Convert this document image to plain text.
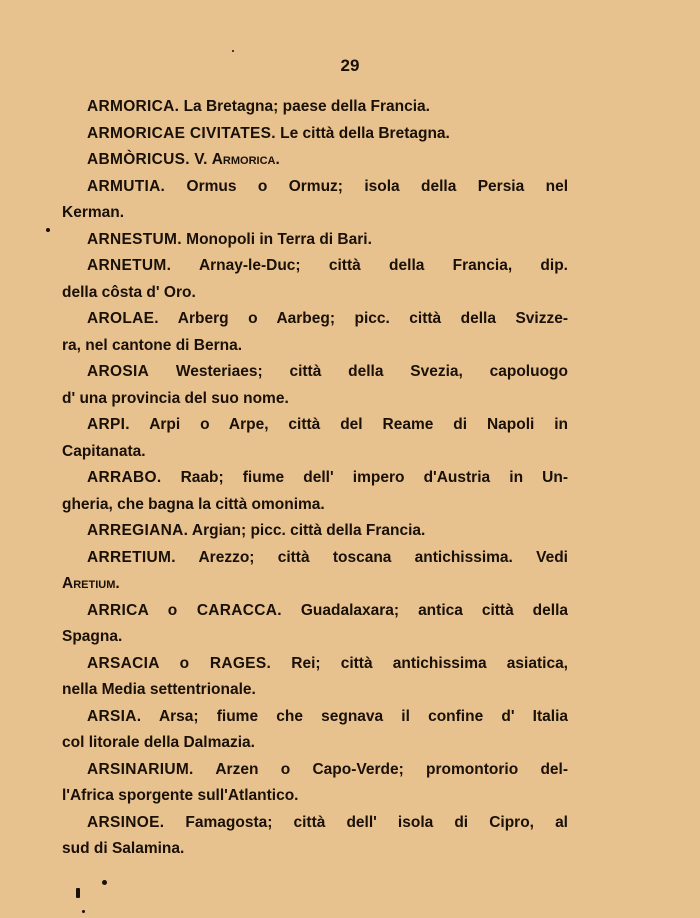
29
ARMORICA. La Bretagna; paese della Francia.
ARMORICAE CIVITATES. Le città della Bretagna.
ABMÒRICUS. V. Armorica.
ARMUTIA. Ormus o Ormuz; isola della Persia nel
Kerman.
ARNESTUM. Monopoli in Terra di Bari.
ARNETUM. Arnay-le-Duc; città della Francia, dip.
della côsta d' Oro.
AROLAE. Arberg o Aarbeg; picc. città della Svizze-
ra, nel cantone di Berna.
AROSIA Westeriaes; città della Svezia, capoluogo
d' una provincia del suo nome.
ARPI. Arpi o Arpe, città del Reame di Napoli in
Capitanata.
ARRABO. Raab; fiume dell' impero d'Austria in Un-
gheria, che bagna la città omonima.
ARREGIANA. Argian; picc. città della Francia.
ARRETIUM. Arezzo; città toscana antichissima. Vedi
Aretium.
ARRICA o CARACCA. Guadalaxara; antica città della
Spagna.
ARSACIA o RAGES. Rei; città antichissima asiatica,
nella Media settentrionale.
ARSIA. Arsa; fiume che segnava il confine d' Italia
col litorale della Dalmazia.
ARSINARIUM. Arzen o Capo-Verde; promontorio del-
l'Africa sporgente sull'Atlantico.
ARSINOE. Famagosta; città dell' isola di Cipro, al
sud di Salamina.
